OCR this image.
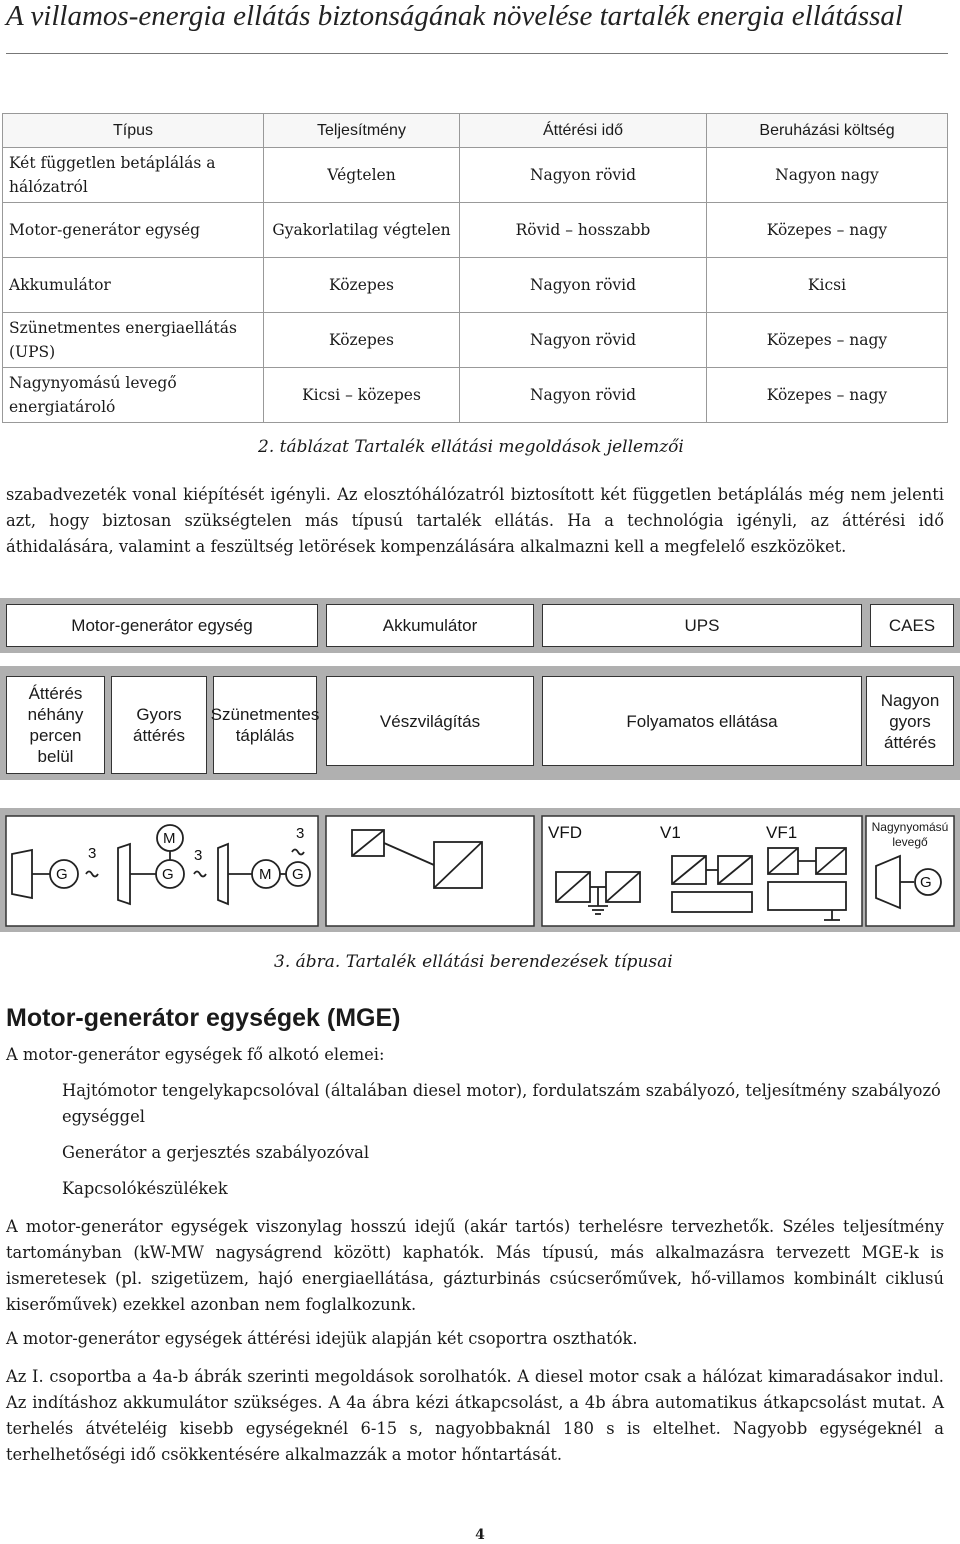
A villamos-energia ellátás biztonságának növelése tartalék energia ellátással
Típus	Teljesítmény	Áttérési idő	Beruházási költség
Két független betáplálás a hálózatról	Végtelen	Nagyon rövid	Nagyon nagy
Motor-generátor egység	Gyakorlatilag végtelen	Rövid – hosszabb	Közepes – nagy
Akkumulátor	Közepes	Nagyon rövid	Kicsi
Szünetmentes energiaellátás (UPS)	Közepes	Nagyon rövid	Közepes – nagy
Nagynyomású levegő energiatároló	Kicsi – közepes	Nagyon rövid	Közepes – nagy
2. táblázat Tartalék ellátási megoldások jellemzői

szabadvezeték vonal kiépítését igényli. Az elosztóhálózatról biztosított két független betáplálás még nem jelenti azt, hogy biztosan szükségtelen más típusú tartalék ellátás. Ha a technológia igényli, az áttérési idő áthidalására, valamint a feszültség letörések kompenzálására alkalmazni kell a megfelelő eszközöket.

Motor-generátor egység	Akkumulátor	UPS	CAES
Áttérés néhány percen belül
Gyors áttérés
Szünetmentes táplálás
Vészvilágítás	Folyamatos ellátása
Nagyon gyors áttérés
G
3
M
G
3
M G
3	VFD	V1	VF1
G
Nagynyomású levegő
3. ábra. Tartalék ellátási berendezések típusai
Motor-generátor egységek (MGE)

A motor-generátor egységek fő alkotó elemei:

Hajtómotor tengelykapcsolóval (általában diesel motor), fordulatszám szabályozó, teljesítmény szabályozó egységgel

Generátor a gerjesztés szabályozóval

Kapcsolókészülékek

A motor-generátor egységek viszonylag hosszú idejű (akár tartós) terhelésre tervezhetők. Széles teljesítmény tartományban (kW-MW nagyságrend között) kaphatók. Más típusú, más alkalmazásra tervezett MGE-k is ismeretesek (pl. szigetüzem, hajó energiaellátása, gázturbinás csúcserőművek, hő-villamos kombinált ciklusú kiserőművek) ezekkel azonban nem foglalkozunk.

A motor-generátor egységek áttérési idejük alapján két csoportra oszthatók.

Az I. csoportba a 4a-b ábrák szerinti megoldások sorolhatók. A diesel motor csak a hálózat kimaradásakor indul. Az indításhoz akkumulátor szükséges. A 4a ábra kézi átkapcsolást, a 4b ábra automatikus átkapcsolást mutat. A terhelés átvételéig kisebb egységeknél 6-15 s, nagyobbaknál 180 s is eltelhet. Nagyobb egységeknél a terhelhetőségi idő csökkentésére alkalmazzák a motor hőntartását.

4
